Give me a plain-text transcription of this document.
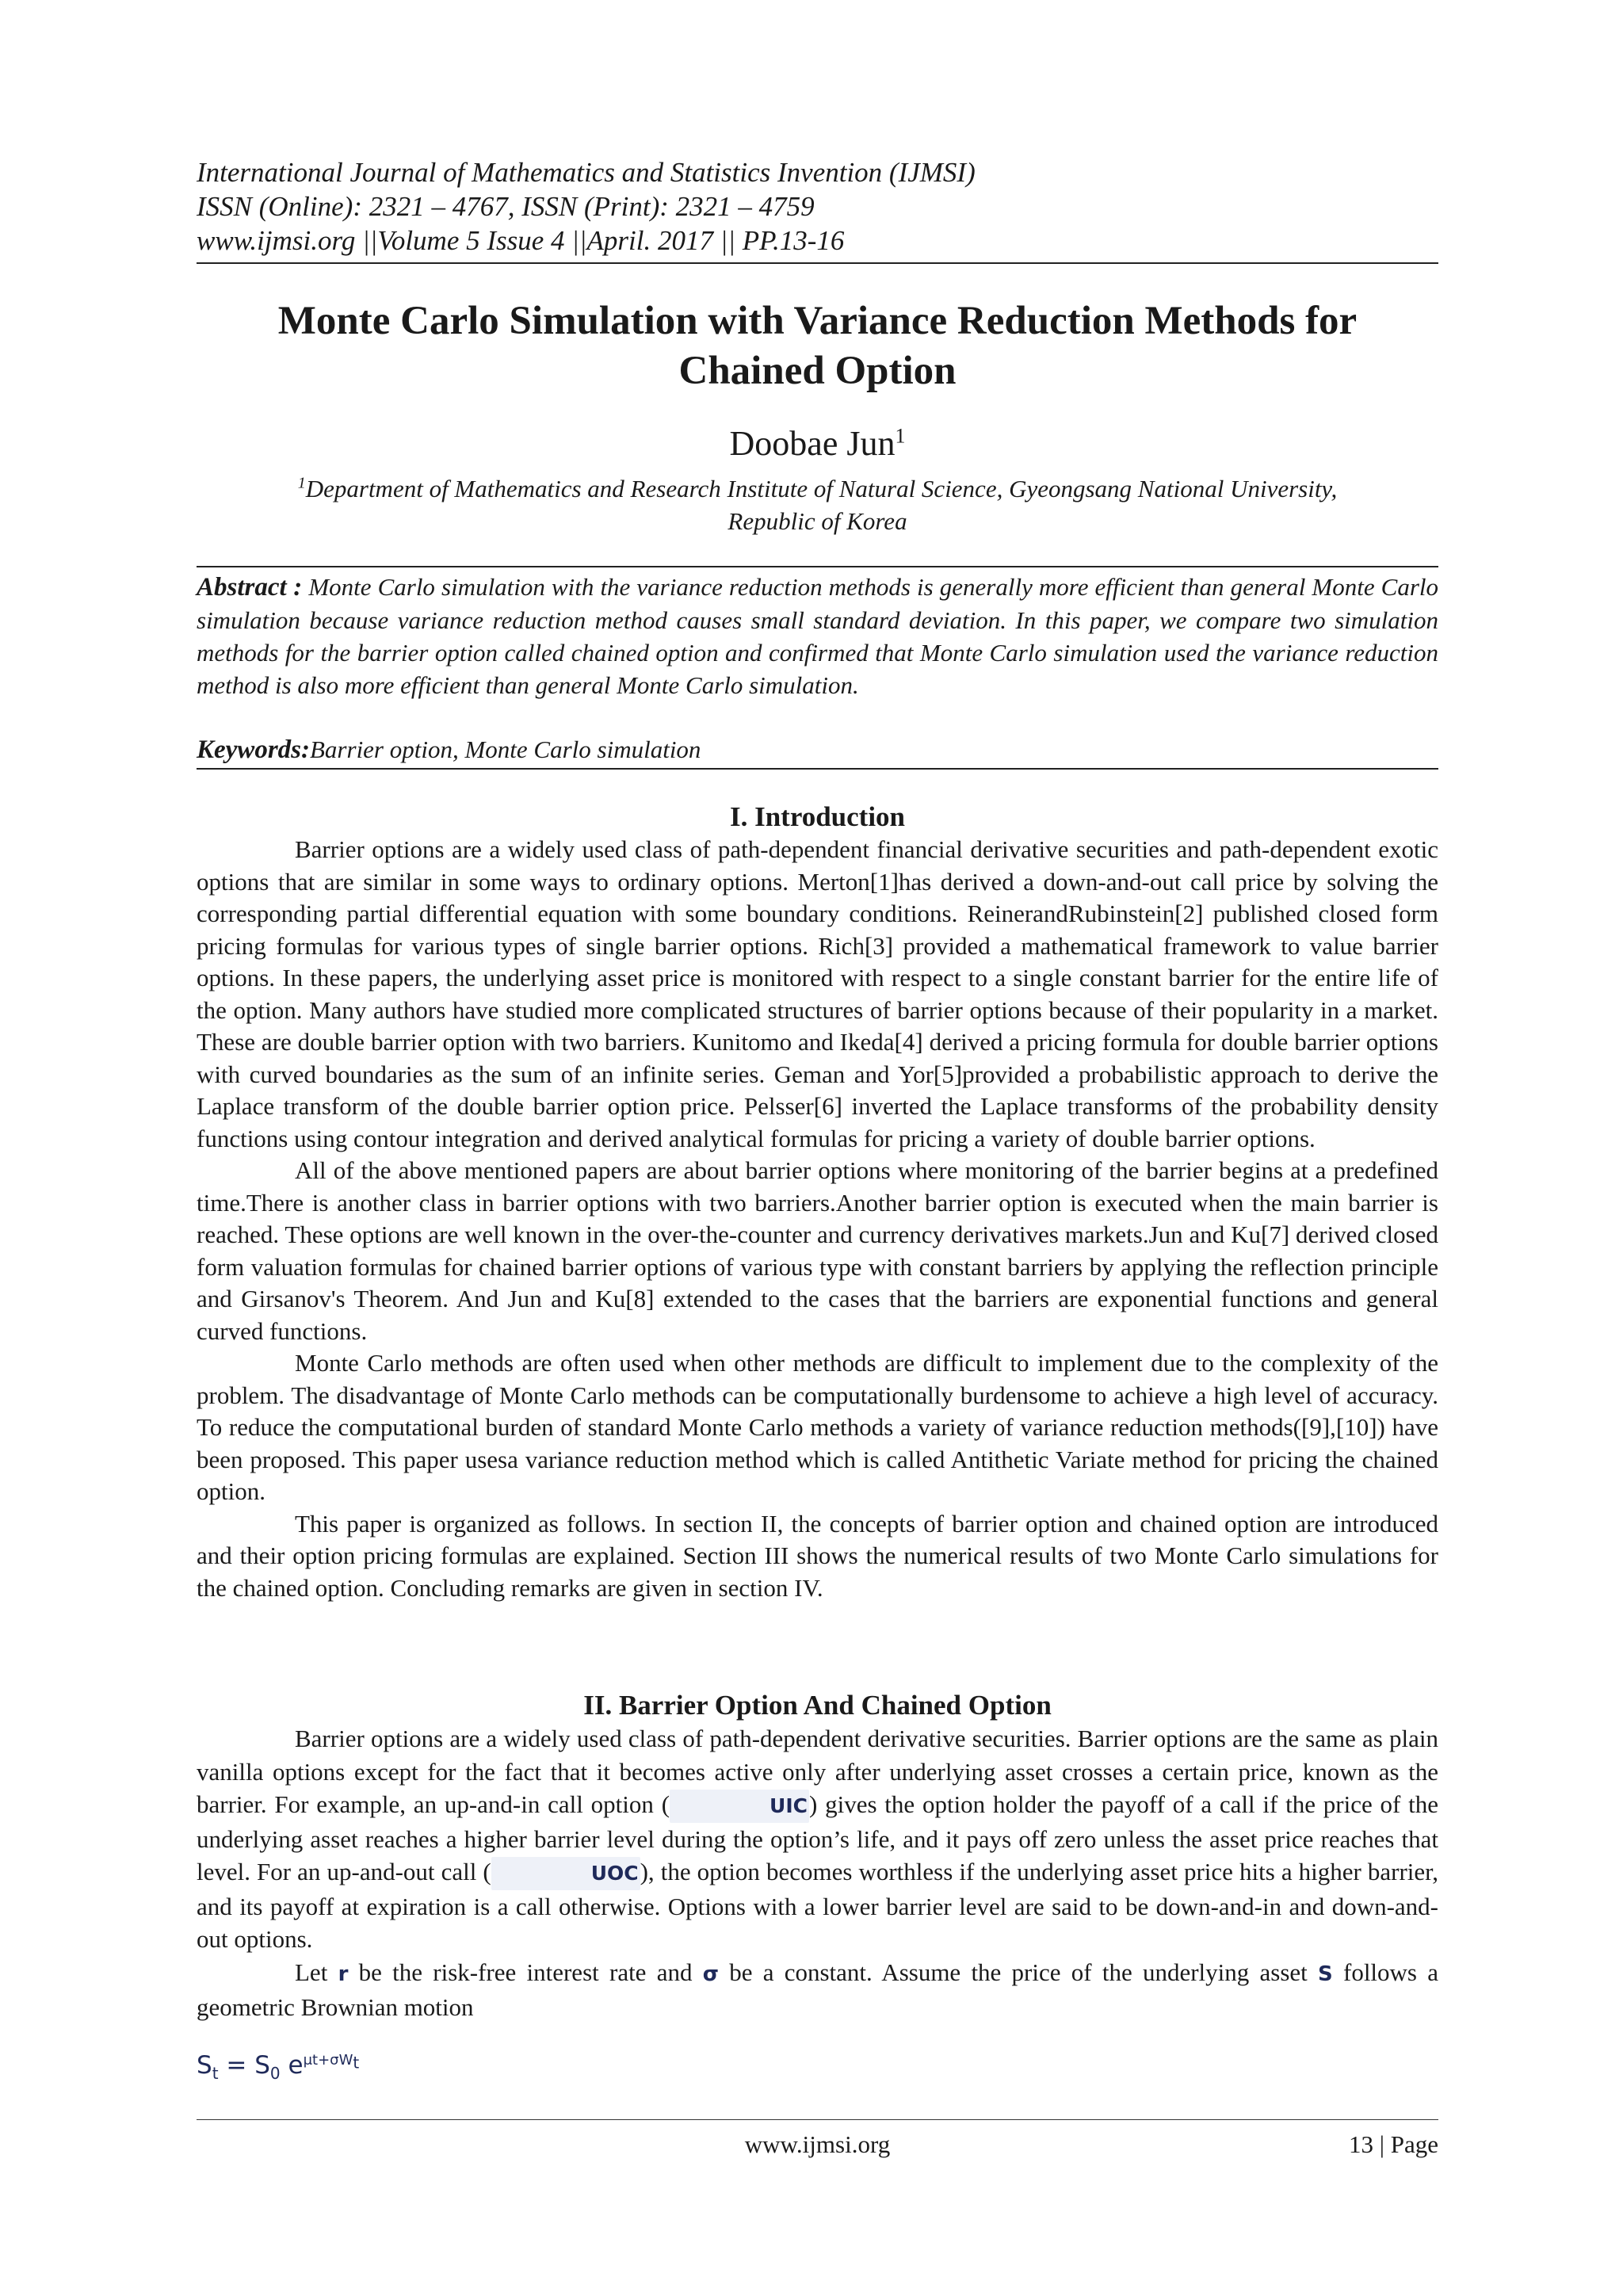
International Journal of Mathematics and Statistics Invention (IJMSI)
ISSN (Online): 2321 – 4767, ISSN (Print): 2321 – 4759
www.ijmsi.org ||Volume 5 Issue 4 ||April. 2017 || PP.13-16
Monte Carlo Simulation with Variance Reduction Methods for
Chained Option
Doobae Jun$^1$
$^1$Department of Mathematics and Research Institute of Natural Science, Gyeongsang National University,
Republic of Korea
Abstract : Monte Carlo simulation with the variance reduction methods is generally more efficient than general Monte Carlo simulation because variance reduction method causes small standard deviation. In this paper, we compare two simulation methods for the barrier option called chained option and confirmed that Monte Carlo simulation used the variance reduction method is also more efficient than general Monte Carlo simulation.
Keywords:Barrier option, Monte Carlo simulation
I. Introduction

Barrier options are a widely used class of path-dependent financial derivative securities and path-dependent exotic options that are similar in some ways to ordinary options. Merton[1]has derived a down-and-out call price by solving the corresponding partial differential equation with some boundary conditions. ReinerandRubinstein[2] published closed form pricing formulas for various types of single barrier options. Rich[3] provided a mathematical framework to value barrier options. In these papers, the underlying asset price is monitored with respect to a single constant barrier for the entire life of the option. Many authors have studied more complicated structures of barrier options because of their popularity in a market. These are double barrier option with two barriers. Kunitomo and Ikeda[4] derived a pricing formula for double barrier options with curved boundaries as the sum of an infinite series. Geman and Yor[5]provided a probabilistic approach to derive the Laplace transform of the double barrier option price. Pelsser[6] inverted the Laplace transforms of the probability density functions using contour integration and derived analytical formulas for pricing a variety of double barrier options.

All of the above mentioned papers are about barrier options where monitoring of the barrier begins at a predefined time.There is another class in barrier options with two barriers.Another barrier option is executed when the main barrier is reached. These options are well known in the over-the-counter and currency derivatives markets.Jun and Ku[7] derived closed form valuation formulas for chained barrier options of various type with constant barriers by applying the reflection principle and Girsanov's Theorem. And Jun and Ku[8] extended to the cases that the barriers are exponential functions and general curved functions.

Monte Carlo methods are often used when other methods are difficult to implement due to the complexity of the problem. The disadvantage of Monte Carlo methods can be computationally burdensome to achieve a high level of accuracy. To reduce the computational burden of standard Monte Carlo methods a variety of variance reduction methods([9],[10]) have been proposed. This paper usesa variance reduction method which is called Antithetic Variate method for pricing the chained option.

This paper is organized as follows. In section II, the concepts of barrier option and chained option are introduced and their option pricing formulas are explained. Section III shows the numerical results of two Monte Carlo simulations for the chained option. Concluding remarks are given in section IV.

II. Barrier Option And Chained Option

Barrier options are a widely used class of path-dependent derivative securities. Barrier options are the same as plain vanilla options except for the fact that it becomes active only after underlying asset crosses a certain price, known as the barrier. For example, an up-and-in call option (	UIC) gives the option holder the payoff of a call if the price of the underlying asset reaches a higher barrier level during the option’s life, and it pays off zero unless the asset price reaches that level. For an up-and-out call (	UOC), the option becomes worthless if the underlying asset price hits a higher barrier, and its payoff at expiration is a call otherwise. Options with a lower barrier level are said to be down-and-in and down-and-out options.

Let r be the risk-free interest rate and σ be a constant. Assume the price of the underlying asset S follows a geometric Brownian motion

$S_t = S_0$ $e^{\mu t+\sigma W_t}$
www.ijmsi.org	13 | Page
